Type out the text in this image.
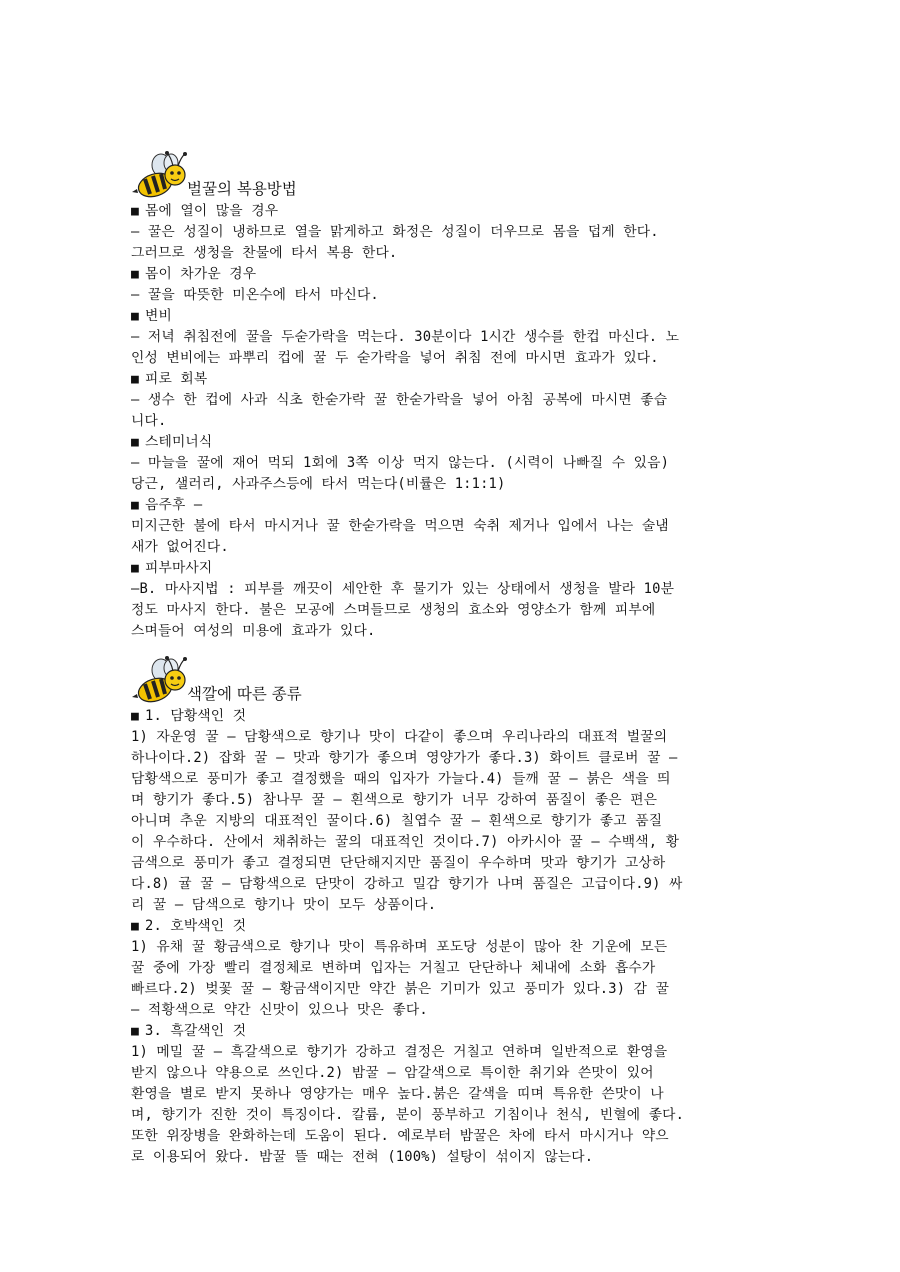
벌꿀의 복용방법
■ 몸에 열이 많을 경우
– 꿀은 성질이 냉하므로 열을 맑게하고 화정은 성질이 더우므로 몸을 덥게 한다.
그러므로 생청을 찬물에 타서 복용 한다.
■ 몸이 차가운 경우
– 꿀을 따뜻한 미온수에 타서 마신다.
■ 변비
– 저녁 취침전에 꿀을 두숟가락을 먹는다. 30분이다 1시간 생수를 한컵 마신다. 노
인성 변비에는 파뿌리 컵에 꿀 두 숟가락을 넣어 취침 전에 마시면 효과가 있다.
■ 피로 회복
– 생수 한 컵에 사과 식초 한숟가락 꿀 한숟가락을 넣어 아침 공복에 마시면 좋습
니다.
■ 스테미너식
– 마늘을 꿀에 재어 먹되 1회에 3쪽 이상 먹지 않는다. (시력이 나빠질 수 있음)
당근, 샐러리, 사과주스등에 타서 먹는다(비률은 1:1:1)
■ 음주후 –
미지근한 불에 타서 마시거나 꿀 한숟가락을 먹으면 숙취 제거나 입에서 나는 술냄
새가 없어진다.
■ 피부마사지
–B. 마사지법 : 피부를 깨끗이 세안한 후 물기가 있는 상태에서 생청을 발라 10분
정도 마사지 한다. 불은 모공에 스며들므로 생청의 효소와 영양소가 함께 피부에
스며들어 여성의 미용에 효과가 있다.
색깔에 따른 종류
■ 1. 담황색인 것
1) 자운영 꿀 – 담황색으로 향기나 맛이 다같이 좋으며 우리나라의 대표적 벌꿀의
하나이다.2) 잡화 꿀 – 맛과 향기가 좋으며 영양가가 좋다.3) 화이트 클로버 꿀 –
담황색으로 풍미가 좋고 결정했을 때의 입자가 가늘다.4) 들깨 꿀 – 붉은 색을 띄
며 향기가 좋다.5) 참나무 꿀 – 흰색으로 향기가 너무 강하여 품질이 좋은 편은
아니며 추운 지방의 대표적인 꿀이다.6) 칠엽수 꿀 – 흰색으로 향기가 좋고 품질
이 우수하다. 산에서 채취하는 꿀의 대표적인 것이다.7) 아카시아 꿀 – 수백색, 황
금색으로 풍미가 좋고 결정되면 단단해지지만 품질이 우수하며 맛과 향기가 고상하
다.8) 귤 꿀 – 담황색으로 단맛이 강하고 밀감 향기가 나며 품질은 고급이다.9) 싸
리 꿀 – 담색으로 향기나 맛이 모두 상품이다.
■ 2. 호박색인 것
1) 유채 꿀 황금색으로 향기나 맛이 특유하며 포도당 성분이 많아 찬 기운에 모든
꿀 중에 가장 빨리 결정체로 변하며 입자는 거칠고 단단하나 체내에 소화 흡수가
빠르다.2) 벚꽃 꿀 – 황금색이지만 약간 붉은 기미가 있고 풍미가 있다.3) 감 꿀
– 적황색으로 약간 신맛이 있으나 맛은 좋다.
■ 3. 흑갈색인 것
1) 메밀 꿀 – 흑갈색으로 향기가 강하고 결정은 거칠고 연하며 일반적으로 환영을
받지 않으나 약용으로 쓰인다.2) 밤꿀 – 암갈색으로 특이한 취기와 쓴맛이 있어
환영을 별로 받지 못하나 영양가는 매우 높다.붉은 갈색을 띠며 특유한 쓴맛이 나
며, 향기가 진한 것이 특징이다. 칼륨, 분이 풍부하고 기침이나 천식, 빈혈에 좋다.
또한 위장병을 완화하는데 도움이 된다. 예로부터 밤꿀은 차에 타서 마시거나 약으
로 이용되어 왔다. 밤꿀 뜰 때는 전혀 (100%) 설탕이 섞이지 않는다.
